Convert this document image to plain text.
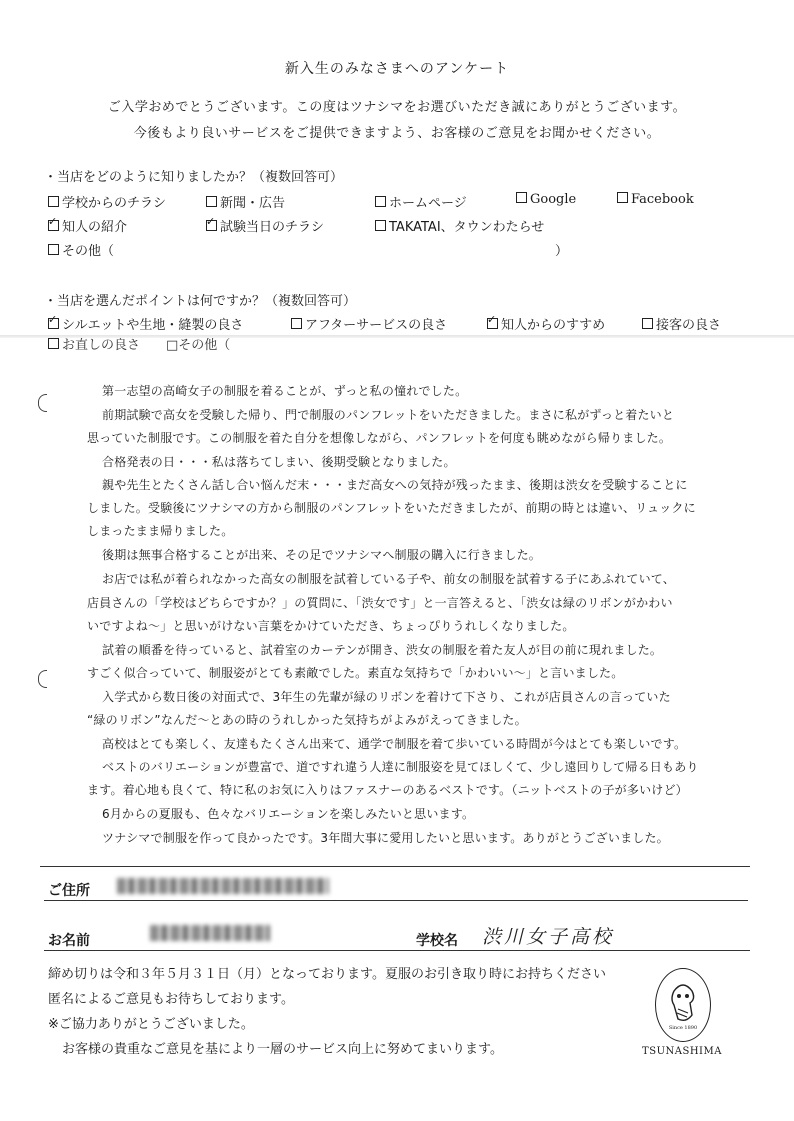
新入生のみなさまへのアンケート
ご入学おめでとうございます。この度はツナシマをお選びいただき誠にありがとうございます。
今後もより良いサービスをご提供できますよう、お客様のご意見をお聞かせください。
・当店をどのように知りましたか？（複数回答可）
学校からのチラシ	新聞・広告	ホームページ	Google	Facebook
✓知人の紹介 ✓	試験当日のチラシ	TAKATAI、タウンわたらせ
その他（	）
・当店を選んだポイントは何ですか？（複数回答可）
✓シルエットや生地・縫製の良さ	アフターサービスの良さ ✓	知人からのすすめ	接客の良さ
お直しの良さ　　□その他（

第一志望の高崎女子の制服を着ることが、ずっと私の憧れでした。

前期試験で高女を受験した帰り、門で制服のパンフレットをいただきました。まさに私がずっと着たいと

思っていた制服です。この制服を着た自分を想像しながら、パンフレットを何度も眺めながら帰りました。

合格発表の日・・・私は落ちてしまい、後期受験となりました。

親や先生とたくさん話し合い悩んだ末・・・まだ高女への気持が残ったまま、後期は渋女を受験することに

しました。受験後にツナシマの方から制服のパンフレットをいただきましたが、前期の時とは違い、リュックに

しまったまま帰りました。

後期は無事合格することが出来、その足でツナシマへ制服の購入に行きました。

お店では私が着られなかった高女の制服を試着している子や、前女の制服を試着する子にあふれていて、

店員さんの「学校はどちらですか？」の質問に、「渋女です」と一言答えると、「渋女は緑のリボンがかわい

いですよね～」と思いがけない言葉をかけていただき、ちょっぴりうれしくなりました。

試着の順番を待っていると、試着室のカーテンが開き、渋女の制服を着た友人が目の前に現れました。

すごく似合っていて、制服姿がとても素敵でした。素直な気持ちで「かわいい～」と言いました。

入学式から数日後の対面式で、3年生の先輩が緑のリボンを着けて下さり、これが店員さんの言っていた

“緑のリボン”なんだ～とあの時のうれしかった気持ちがよみがえってきました。

高校はとても楽しく、友達もたくさん出来て、通学で制服を着て歩いている時間が今はとても楽しいです。

ベストのバリエーションが豊富で、道ですれ違う人達に制服姿を見てほしくて、少し遠回りして帰る日もあり

ます。着心地も良くて、特に私のお気に入りはファスナーのあるベストです。（ニットベストの子が多いけど）

6月からの夏服も、色々なバリエーションを楽しみたいと思います。

ツナシマで制服を作って良かったです。3年間大事に愛用したいと思います。ありがとうございました。

ご住所
お名前	学校名 渋川女子高校
締め切りは令和３年５月３１日（月）となっております。夏服のお引き取り時にお持ちください
匿名によるご意見もお待ちしております。
※ご協力ありがとうございました。
お客様の貴重なご意見を基により一層のサービス向上に努めてまいります。
Since 1890
TSUNASHIMA
